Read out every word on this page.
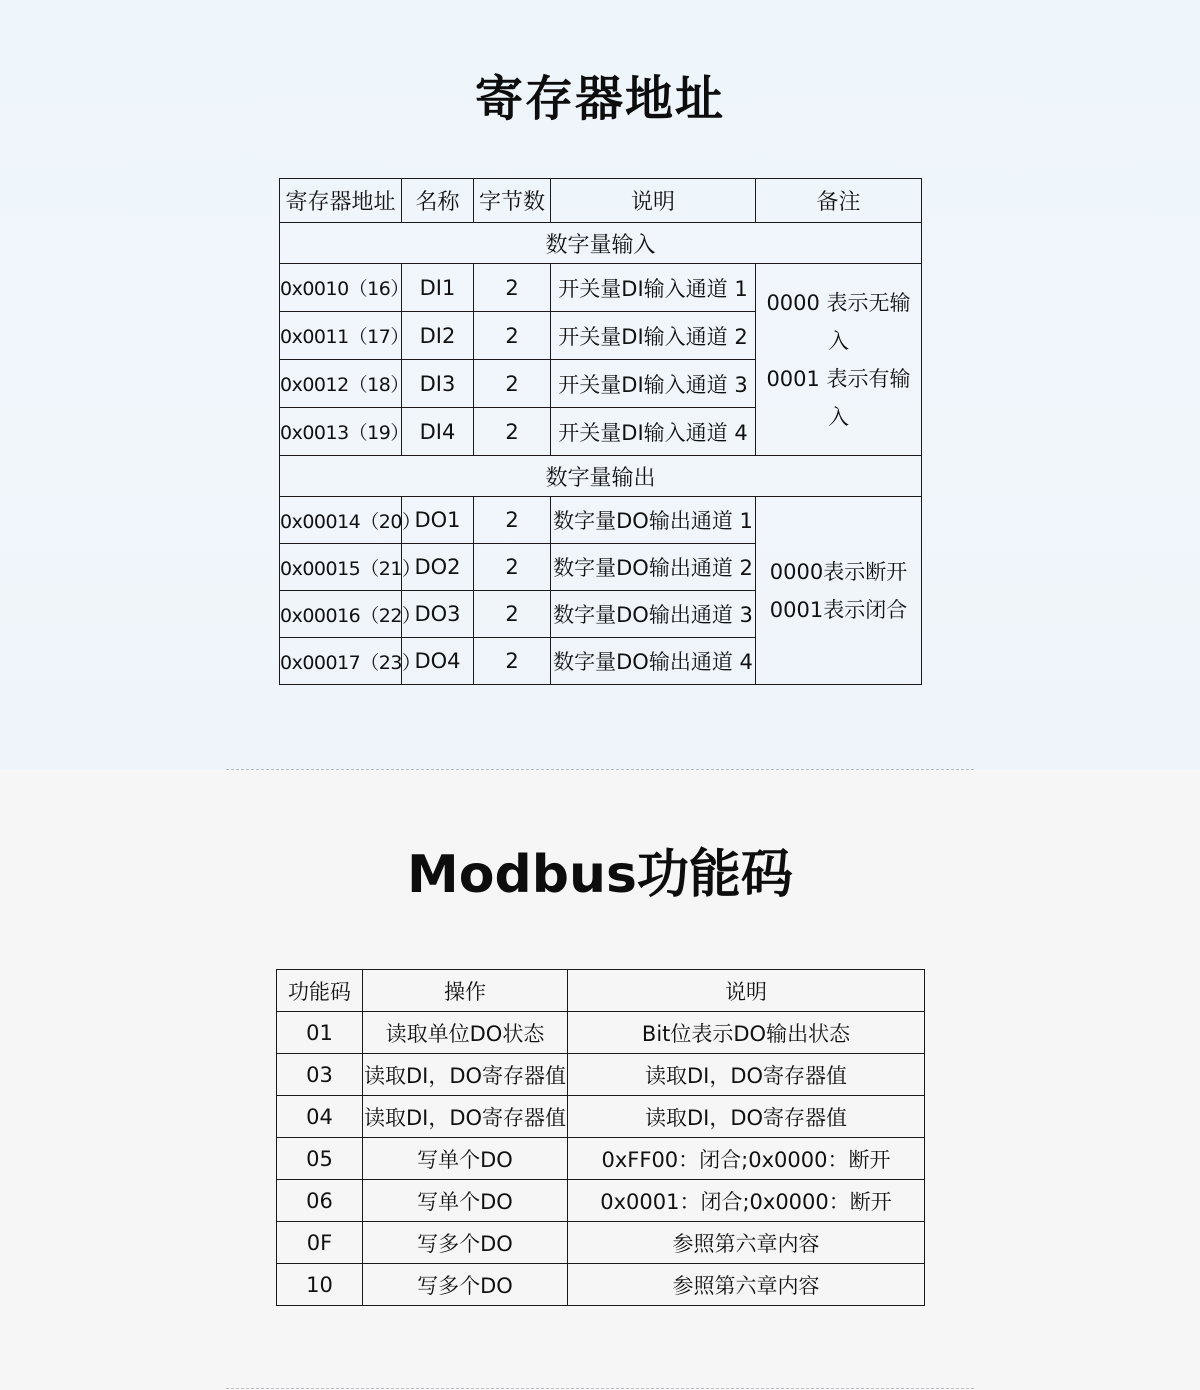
寄存器地址
寄存器地址	名称	字节数	说明	备注
数字量输入				
0x0010（16）	DI1	2	开关量DI输入通道 1	0000 表示无输入
0001 表示有输入

0x0011（17）	DI2	2	开关量DI输入通道 2	
0x0012（18）	DI3	2	开关量DI输入通道 3	
0x0013（19）	DI4	2	开关量DI输入通道 4	
数字量输出				
0x00014（20）	DO1	2	数字量DO输出通道 1	0000表示断开
0001表示闭合

0x00015（21）	DO2	2	数字量DO输出通道 2	
0x00016（22）	DO3	2	数字量DO输出通道 3	
0x00017（23）	DO4	2	数字量DO输出通道 4	
Modbus功能码
功能码	操作	说明
01	读取单位DO状态	Bit位表示DO输出状态
03	读取DI，DO寄存器值	读取DI，DO寄存器值
04	读取DI，DO寄存器值	读取DI，DO寄存器值
05	写单个DO	0xFF00：闭合;0x0000：断开
06	写单个DO	0x0001：闭合;0x0000：断开
0F	写多个DO	参照第六章内容
10	写多个DO	参照第六章内容
